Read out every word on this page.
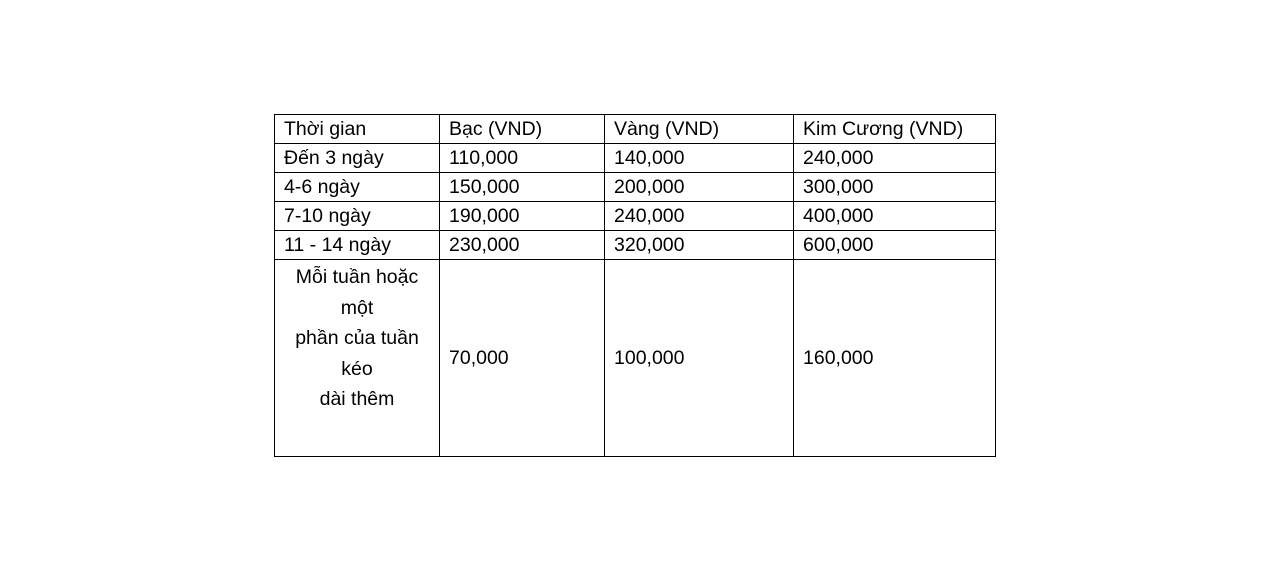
Thời gian	Bạc (VND)	Vàng (VND)	Kim Cương (VND)
Đến 3 ngày	110,000	140,000	240,000
4-6 ngày	150,000	200,000	300,000
7-10 ngày	190,000	240,000	400,000
11 - 14 ngày	230,000	320,000	600,000

Mỗi tuần hoặc
một
phần của tuần
kéo
dài thêm	70,000	100,000	160,000
